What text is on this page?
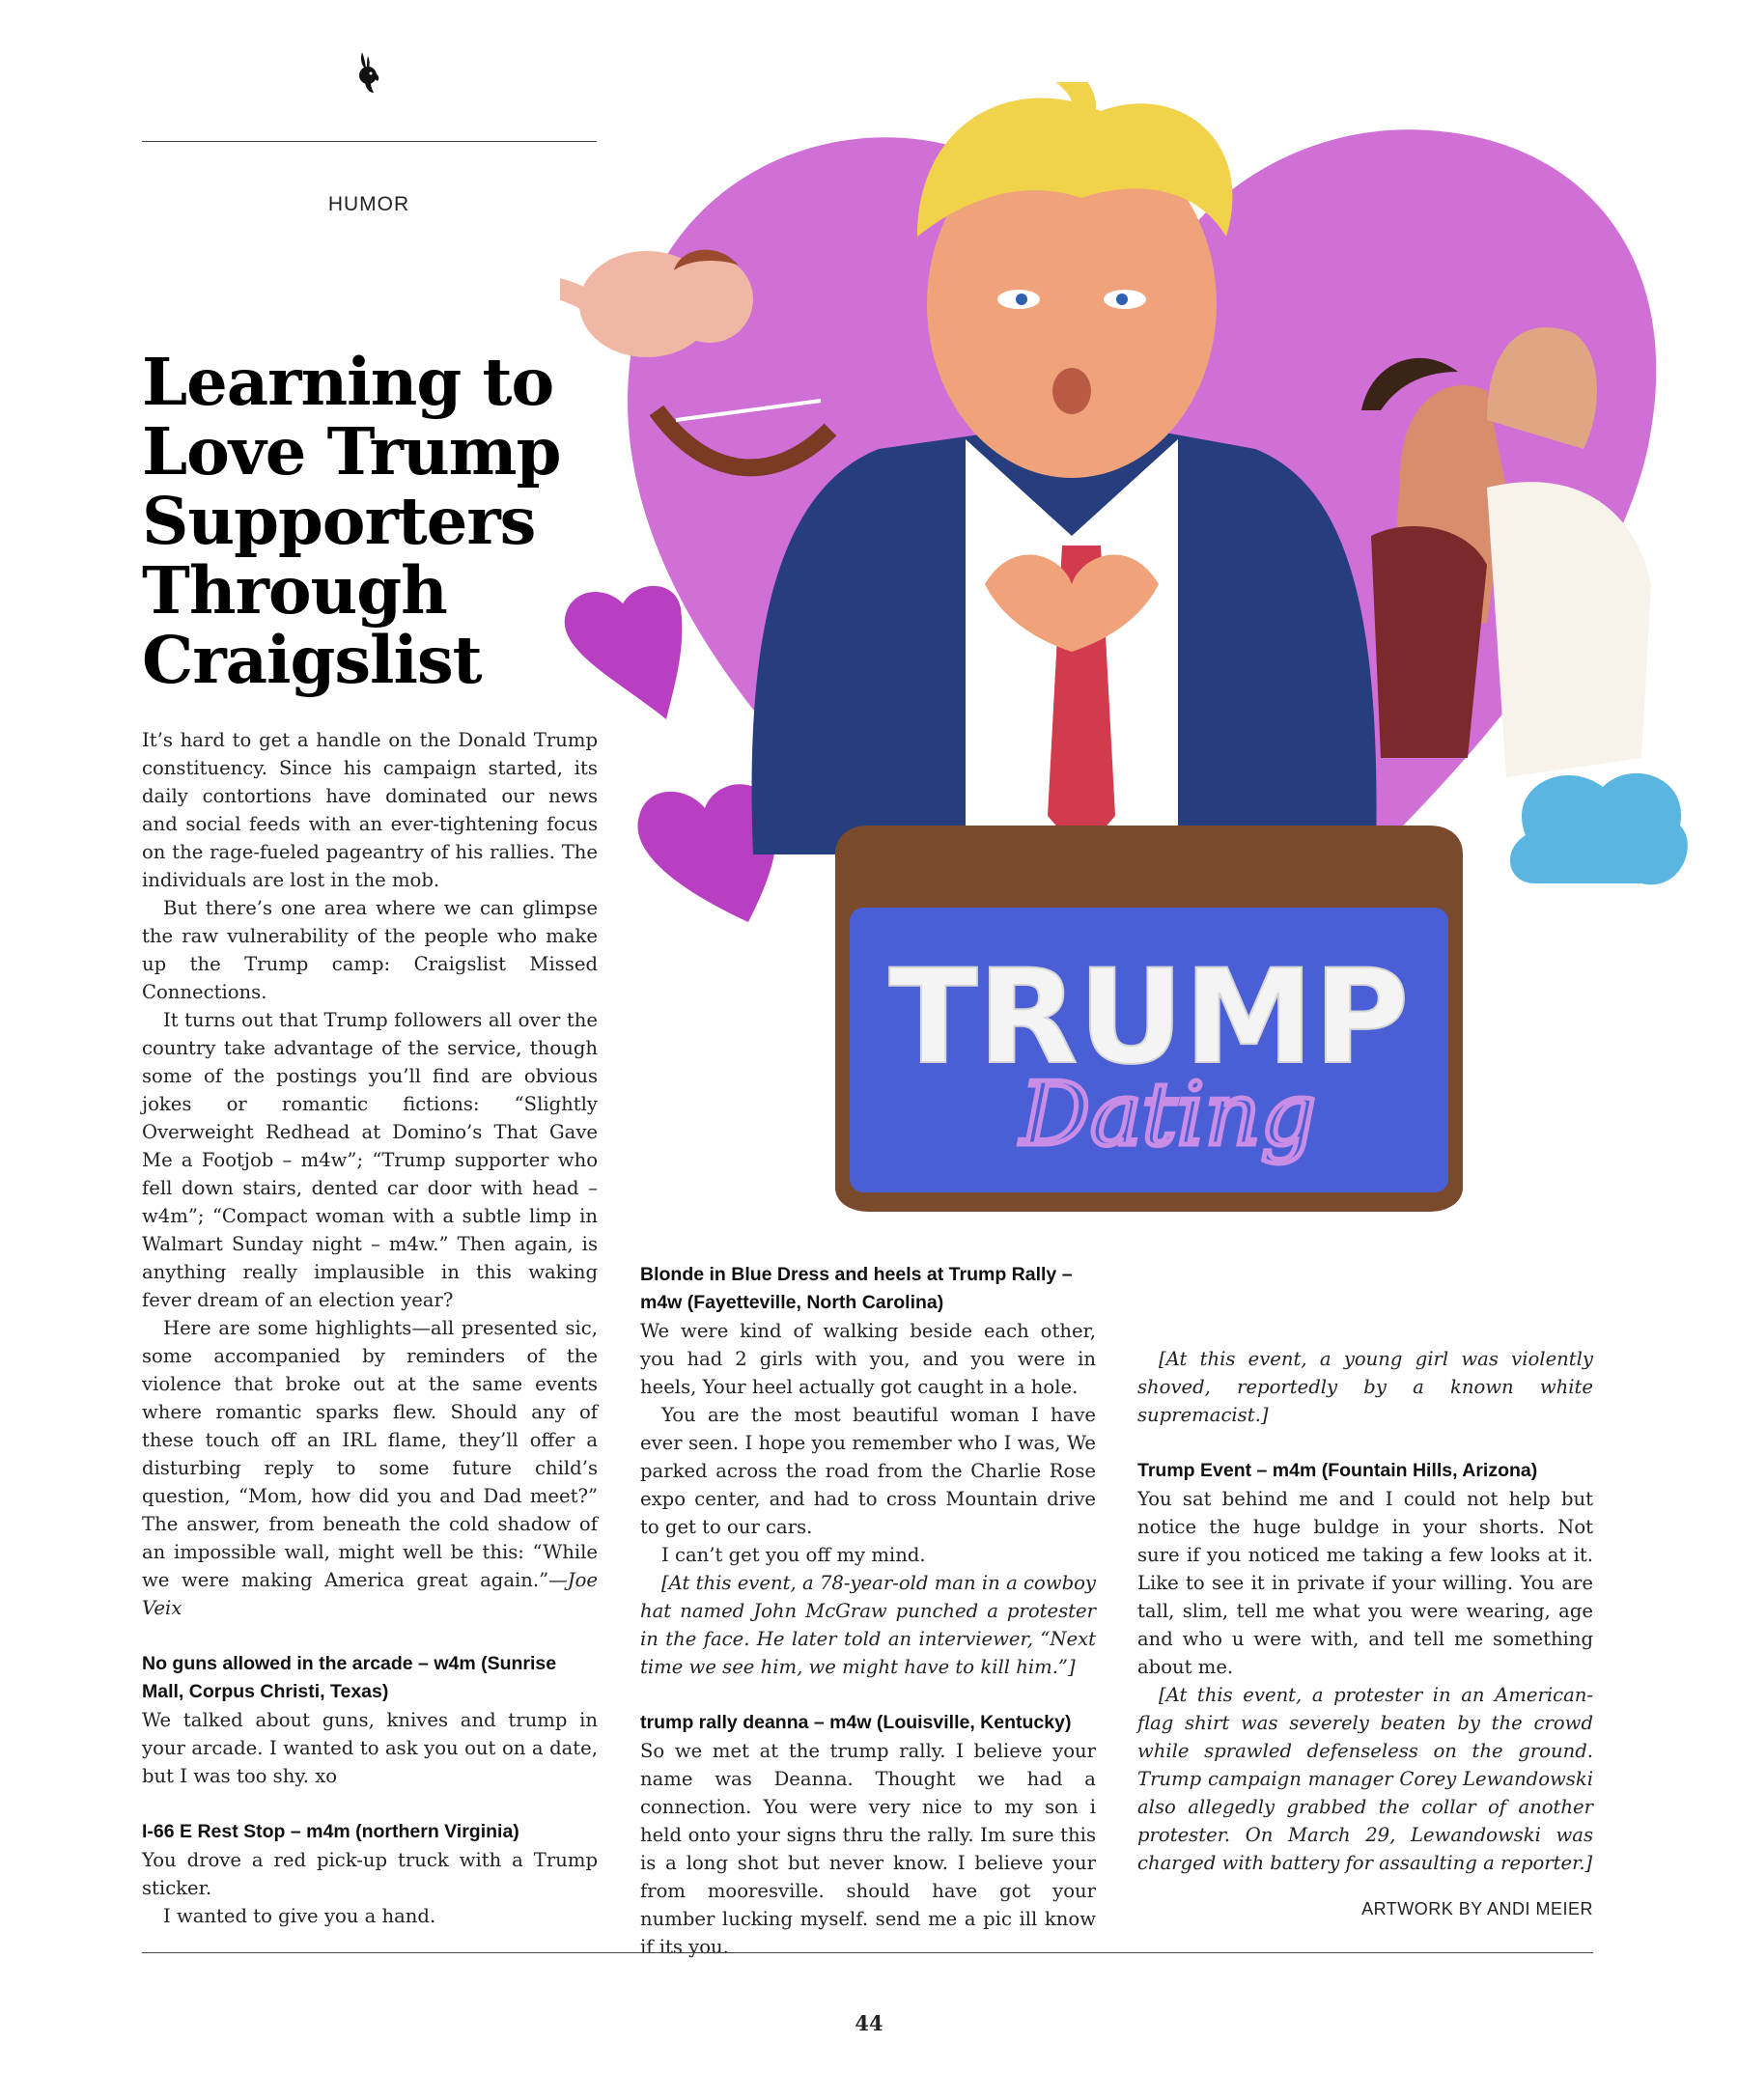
HUMOR
Learning to Love Trump Supporters Through Craigslist
TRUMP
Dating

It’s hard to get a handle on the Donald Trump constituency. Since his campaign started, its daily contortions have dominated our news and social feeds with an ever-tightening focus on the rage-fueled pageantry of his rallies. The individuals are lost in the mob.

But there’s one area where we can glimpse the raw vulnerability of the people who make up the Trump camp: Craigslist Missed Connections.

It turns out that Trump followers all over the country take advantage of the service, though some of the postings you’ll find are obvious jokes or romantic fictions: “Slightly Overweight Redhead at Domino’s That Gave Me a Footjob – m4w”; “Trump supporter who fell down stairs, dented car door with head – w4m”; “Compact woman with a subtle limp in Walmart Sunday night – m4w.” Then again, is anything really implausible in this waking fever dream of an election year?

Here are some highlights—all presented sic, some accompanied by reminders of the violence that broke out at the same events where romantic sparks flew. Should any of these touch off an IRL flame, they’ll offer a disturbing reply to some future child’s question, “Mom, how did you and Dad meet?” The answer, from beneath the cold shadow of an impossible wall, might well be this: “While we were making America great again.”—Joe Veix

No guns allowed in the arcade – w4m (Sunrise Mall, Corpus Christi, Texas)

We talked about guns, knives and trump in your arcade. I wanted to ask you out on a date, but I was too shy. xo

I-66 E Rest Stop – m4m (northern Virginia)

You drove a red pick-up truck with a Trump sticker.

I wanted to give you a hand.

Blonde in Blue Dress and heels at Trump Rally – m4w (Fayetteville, North Carolina)

We were kind of walking beside each other, you had 2 girls with you, and you were in heels, Your heel actually got caught in a hole.

You are the most beautiful woman I have ever seen. I hope you remember who I was, We parked across the road from the Charlie Rose expo center, and had to cross Mountain drive to get to our cars.

I can’t get you off my mind.

[At this event, a 78-year-old man in a cowboy hat named John McGraw punched a protester in the face. He later told an interviewer, “Next time we see him, we might have to kill him.”]

trump rally deanna – m4w (Louisville, Kentucky)

So we met at the trump rally. I believe your name was Deanna. Thought we had a connection. You were very nice to my son i held onto your signs thru the rally. Im sure this is a long shot but never know. I believe your from mooresville. should have got your number lucking myself. send me a pic ill know if its you.

[At this event, a young girl was violently shoved, reportedly by a known white supremacist.]

Trump Event – m4m (Fountain Hills, Arizona)

You sat behind me and I could not help but notice the huge buldge in your shorts. Not sure if you noticed me taking a few looks at it. Like to see it in private if your willing. You are tall, slim, tell me what you were wearing, age and who u were with, and tell me something about me.

[At this event, a protester in an American-flag shirt was severely beaten by the crowd while sprawled defenseless on the ground. Trump campaign manager Corey Lewandowski also allegedly grabbed the collar of another protester. On March 29, Lewandowski was charged with battery for assaulting a reporter.]

ARTWORK BY ANDI MEIER
44
